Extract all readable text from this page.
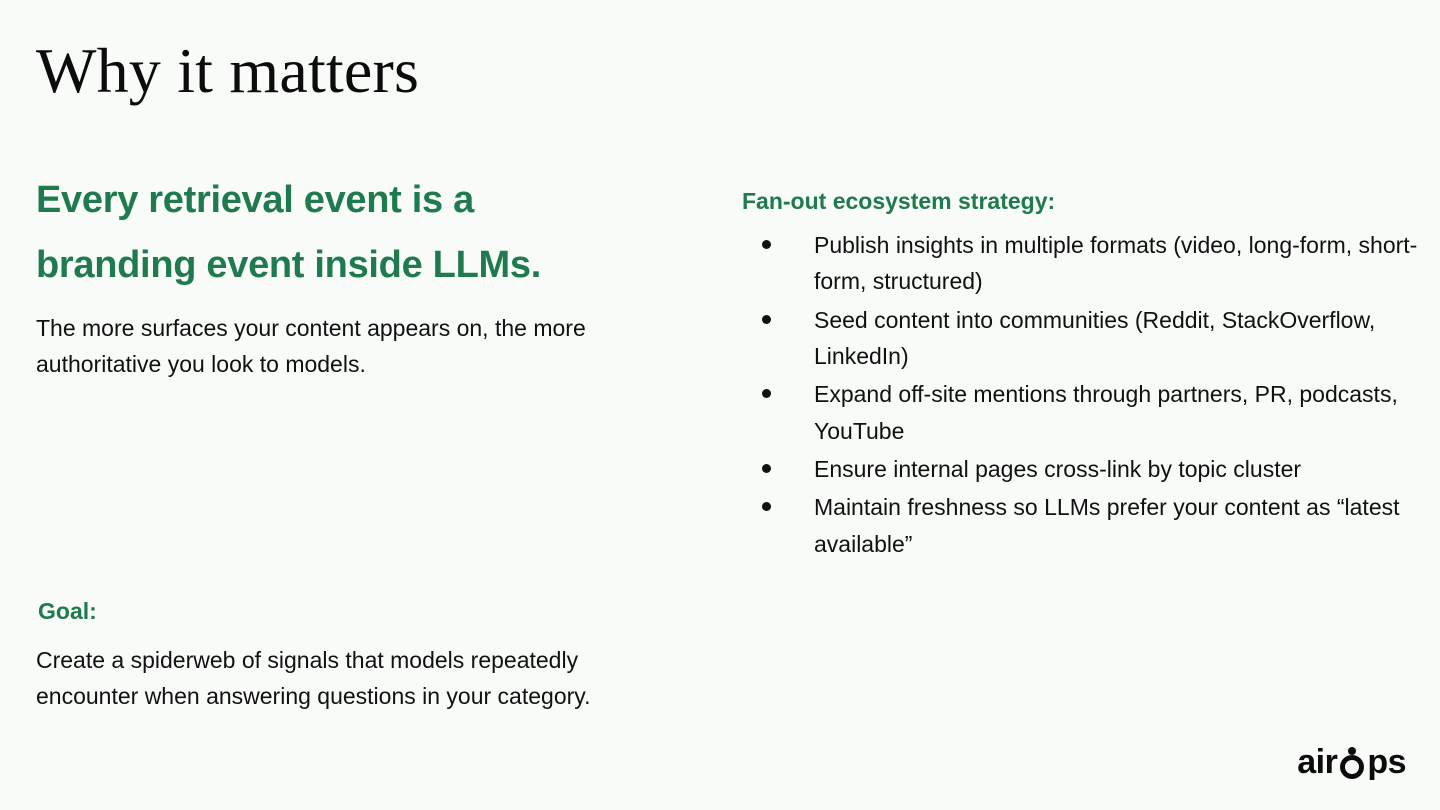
Why it matters
Every retrieval event is a
branding event inside LLMs.

The more surfaces your content appears on, the more authoritative you look to models.

Goal:

Create a spiderweb of signals that models repeatedly encounter when answering questions in your category.

Fan-out ecosystem strategy:
Publish insights in multiple formats (video, long-form, short-form, structured)
Seed content into communities (Reddit, StackOverflow, LinkedIn)
Expand off-site mentions through partners, PR, podcasts, YouTube
Ensure internal pages cross-link by topic cluster
Maintain freshness so LLMs prefer your content as “latest available”
air ps
